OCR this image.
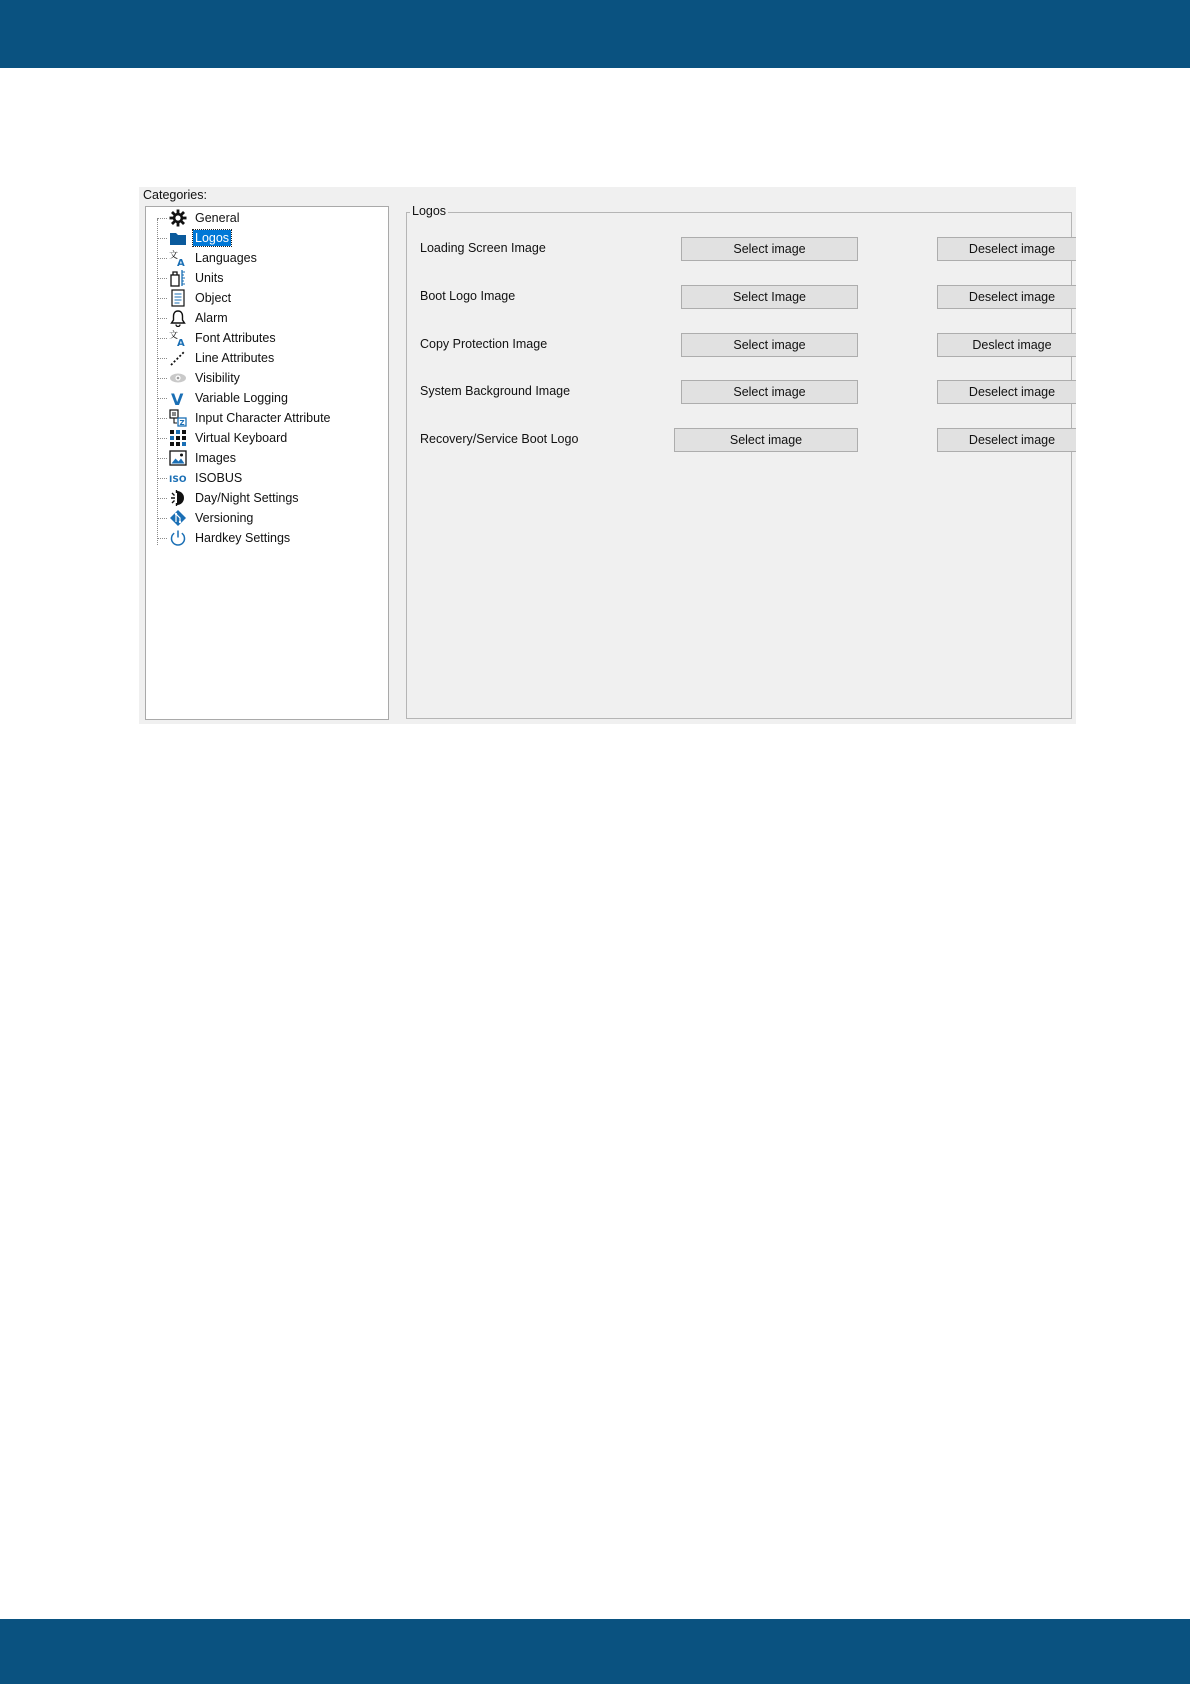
Categories:
General
Logos
文
A Languages
Units
Object
Alarm
文
A Font Attributes
Line Attributes
Visibility
V Variable Logging
Z Input Character Attribute
Virtual Keyboard
Images
ISO ISOBUS
Day/Night Settings
Versioning
Hardkey Settings
Logos
Loading Screen Image	Select image	Deselect image
Boot Logo Image	Select Image	Deselect image
Copy Protection Image	Select image	Deslect image
System Background Image	Select image	Deselect image
Recovery/Service Boot Logo	Select image	Deselect image
